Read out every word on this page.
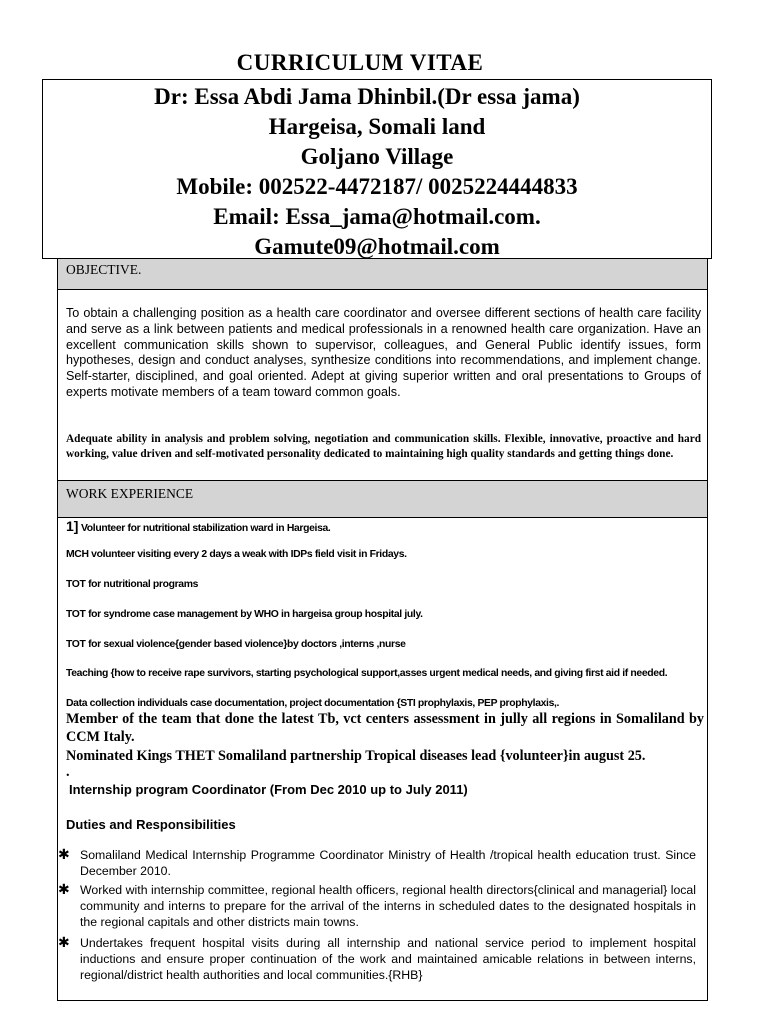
CURRICULUM VITAE
Dr: Essa Abdi Jama Dhinbil.(Dr essa jama)
Hargeisa, Somali land
Goljano Village
Mobile: 002522-4472187/ 0025224444833
Email: Essa_jama@hotmail.com.
Gamute09@hotmail.com
OBJECTIVE.
To obtain a challenging position as a health care coordinator and oversee different sections of health care facility and serve as a link between patients and medical professionals in a renowned health care organization. Have an excellent communication skills shown to supervisor, colleagues, and General Public identify issues, form hypotheses, design and conduct analyses, synthesize conditions into recommendations, and implement change. Self-starter, disciplined, and goal oriented. Adept at giving superior written and oral presentations to Groups of experts motivate members of a team toward common goals.
Adequate ability in analysis and problem solving, negotiation and communication skills. Flexible, innovative, proactive and hard working, value driven and self-motivated personality dedicated to maintaining high quality standards and getting things done.
WORK EXPERIENCE
1] Volunteer for nutritional stabilization ward in Hargeisa.
MCH volunteer visiting every 2 days a weak with IDPs field visit in Fridays.
TOT for nutritional programs
TOT for syndrome case management by WHO in hargeisa group hospital july.
TOT for sexual violence{gender based violence}by doctors ,interns ,nurse
Teaching {how to receive rape survivors, starting psychological support,asses urgent medical needs, and giving first aid if needed.
Data collection individuals case documentation, project documentation {STI prophylaxis, PEP prophylaxis,.
Member of the team that done the latest Tb, vct centers assessment in jully all regions in Somaliland by CCM Italy.
Nominated Kings THET Somaliland partnership Tropical diseases lead {volunteer}in august 25.
.
Internship program Coordinator (From Dec 2010 up to July 2011)
Duties and Responsibilities
✱ Somaliland Medical Internship Programme Coordinator Ministry of Health /tropical health education trust. Since December 2010.
✱ Worked with internship committee, regional health officers, regional health directors{clinical and managerial} local community and interns to prepare for the arrival of the interns in scheduled dates to the designated hospitals in the regional capitals and other districts main towns.
✱ Undertakes frequent hospital visits during all internship and national service period to implement hospital inductions and ensure proper continuation of the work and maintained amicable relations in between interns, regional/district health authorities and local communities.{RHB}
